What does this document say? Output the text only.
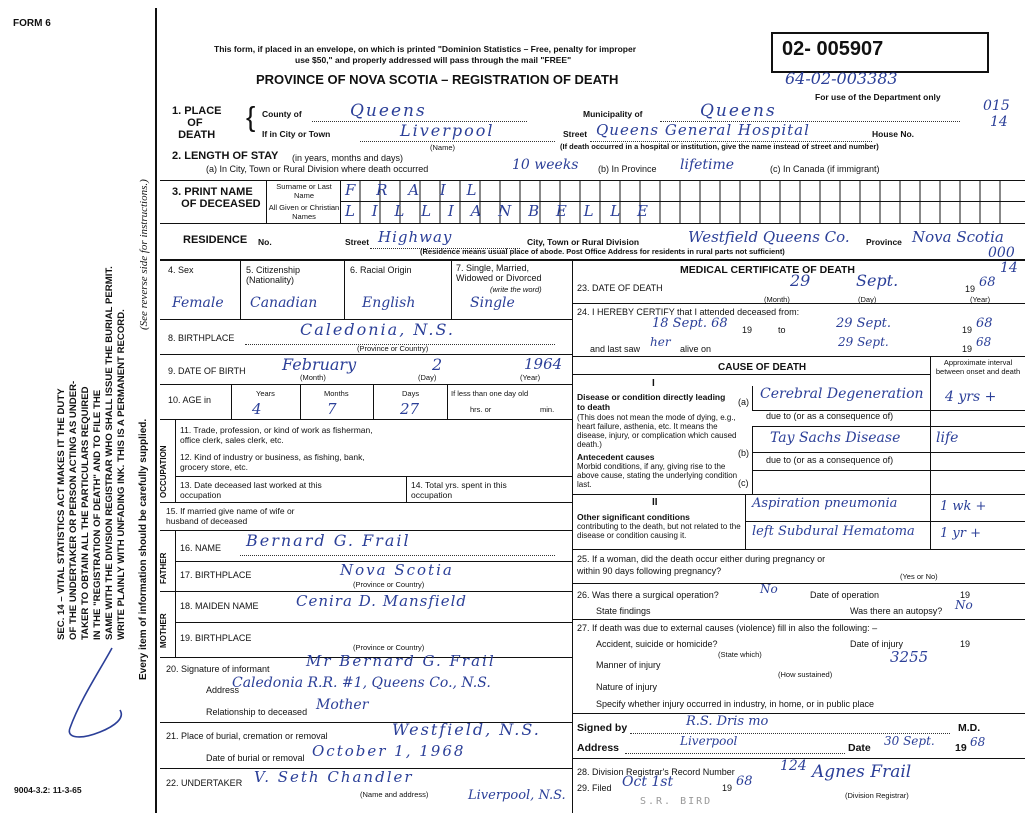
FORM 6
This form, if placed in an envelope, on which is printed "Dominion Statistics – Free, penalty for improper
use $50," and properly addressed will pass through the mail "FREE"
PROVINCE OF NOVA SCOTIA – REGISTRATION OF DEATH
02- 005907
64-02-003383
For use of the Department only
015
14
000
14
SEC. 14 – VITAL STATISTICS ACT MAKES IT THE DUTY OF THE UNDERTAKER OR PERSON ACTING AS UNDER- TAKER TO OBTAIN ALL THE PARTICULARS REQUIRED IN THE "REGISTRATION OF DEATH" AND TO FILE THE SAME WITH THE DIVISION REGISTRAR WHO SHALL ISSUE THE BURIAL PERMIT. WRITE PLAINLY WITH UNFADING INK. THIS IS A PERMANENT RECORD.
(See reverse side for instructions.)
Every item of information should be carefully supplied.
9004-3.2: 11-3-65
1. PLACE
OF
DEATH
{ County of	Queens	Municipality of	Queens
If in City or Town	Liverpool
(Name)
Street Queens General Hospital	House No.
(If death occurred in a hospital or institution, give the name instead of street and number)
2. LENGTH OF STAY (in years, months and days)
(a) In City, Town or Rural Division where death occurred	10 weeks (b) In Province lifetime	(c) In Canada (if immigrant)
3. PRINT NAME
OF DECEASED
Surname or Last Name
All Given or Christian Names
F R A I L
L I L L I A N B E L L E
RESIDENCE No.	Street Highway	City, Town or Rural Division	Westfield Queens Co. Province Nova Scotia
(Residence means usual place of abode. Post Office Address for residents in rural parts not sufficient)
4. Sex	5. Citizenship (Nationality)
6. Racial Origin	7. Single, Married, Widowed or Divorced
(write the word)
Female Canadian	English	Single
8. BIRTHPLACE	Caledonia, N.S.
(Province or Country)
9. DATE OF BIRTH February	2	1964
(Month)	(Day)	(Year)
10. AGE in
Years	Months	Days
4	7	27
If less than one day old
hrs. or	min.
OCCUPATION
11. Trade, profession, or kind of work as fisherman, office clerk, sales clerk, etc.
12. Kind of industry or business, as fishing, bank, grocery store, etc.
13. Date deceased last worked at this occupation
14. Total yrs. spent in this occupation
15. If married give name of wife or husband of deceased
FATHER
MOTHER
16. NAME Bernard G. Frail
17. BIRTHPLACE	Nova Scotia
(Province or Country)
18. MAIDEN NAME Cenira D. Mansfield
19. BIRTHPLACE
(Province or Country)
20. Signature of informant Mr Bernard G. Frail
Address
Caledonia R.R. #1, Queens Co., N.S.
Relationship to deceased Mother
21. Place of burial, cremation or removal	Westfield, N.S.
Date of burial or removal October 1, 1968
22. UNDERTAKER V. Seth Chandler
(Name and address)	Liverpool, N.S.
MEDICAL CERTIFICATE OF DEATH
23. DATE OF DEATH	29	Sept.	19 68
(Month)	(Day)	(Year)
24. I HEREBY CERTIFY that I attended deceased from:
18 Sept. 68 19	to	29 Sept.	19 68
and last saw her alive on	29 Sept.	19 68
CAUSE OF DEATH	Approximate interval between onset and death
I
Disease or condition directly leading to death
(This does not mean the mode of dying, e.g., heart failure, asthenia, etc. It means the disease, injury, or complication which caused death.)
(a) Cerebral Degeneration 4 yrs +
due to (or as a consequence of)
Antecedent causes
Morbid conditions, if any, giving rise to the above cause, stating the underlying condition last.
(b)
Tay Sachs Disease	life
due to (or as a consequence of)
(c)
II
Other significant conditions
contributing to the death, but not related to the disease or condition causing it.
Aspiration pneumonia	1 wk +
left Subdural Hematoma 1 yr +
25. If a woman, did the death occur either during pregnancy or within 90 days following pregnancy?
(Yes or No)
26. Was there a surgical operation?	No	Date of operation	19
State findings	Was there an autopsy? No
27. If death was due to external causes (violence) fill in also the following: –
Accident, suicide or homicide?	Date of injury	19
(State which)
Manner of injury	3255
(How sustained)
Nature of injury
Specify whether injury occurred in industry, in home, or in public place
Signed by	R.S. Dris mo	M.D.
Address	Liverpool	Date 30 Sept. 19 68
28. Division Registrar's Record Number	124
29. Filed Oct 1st	19 68	Agnes Frail
(Division Registrar)
S.R. BIRD
